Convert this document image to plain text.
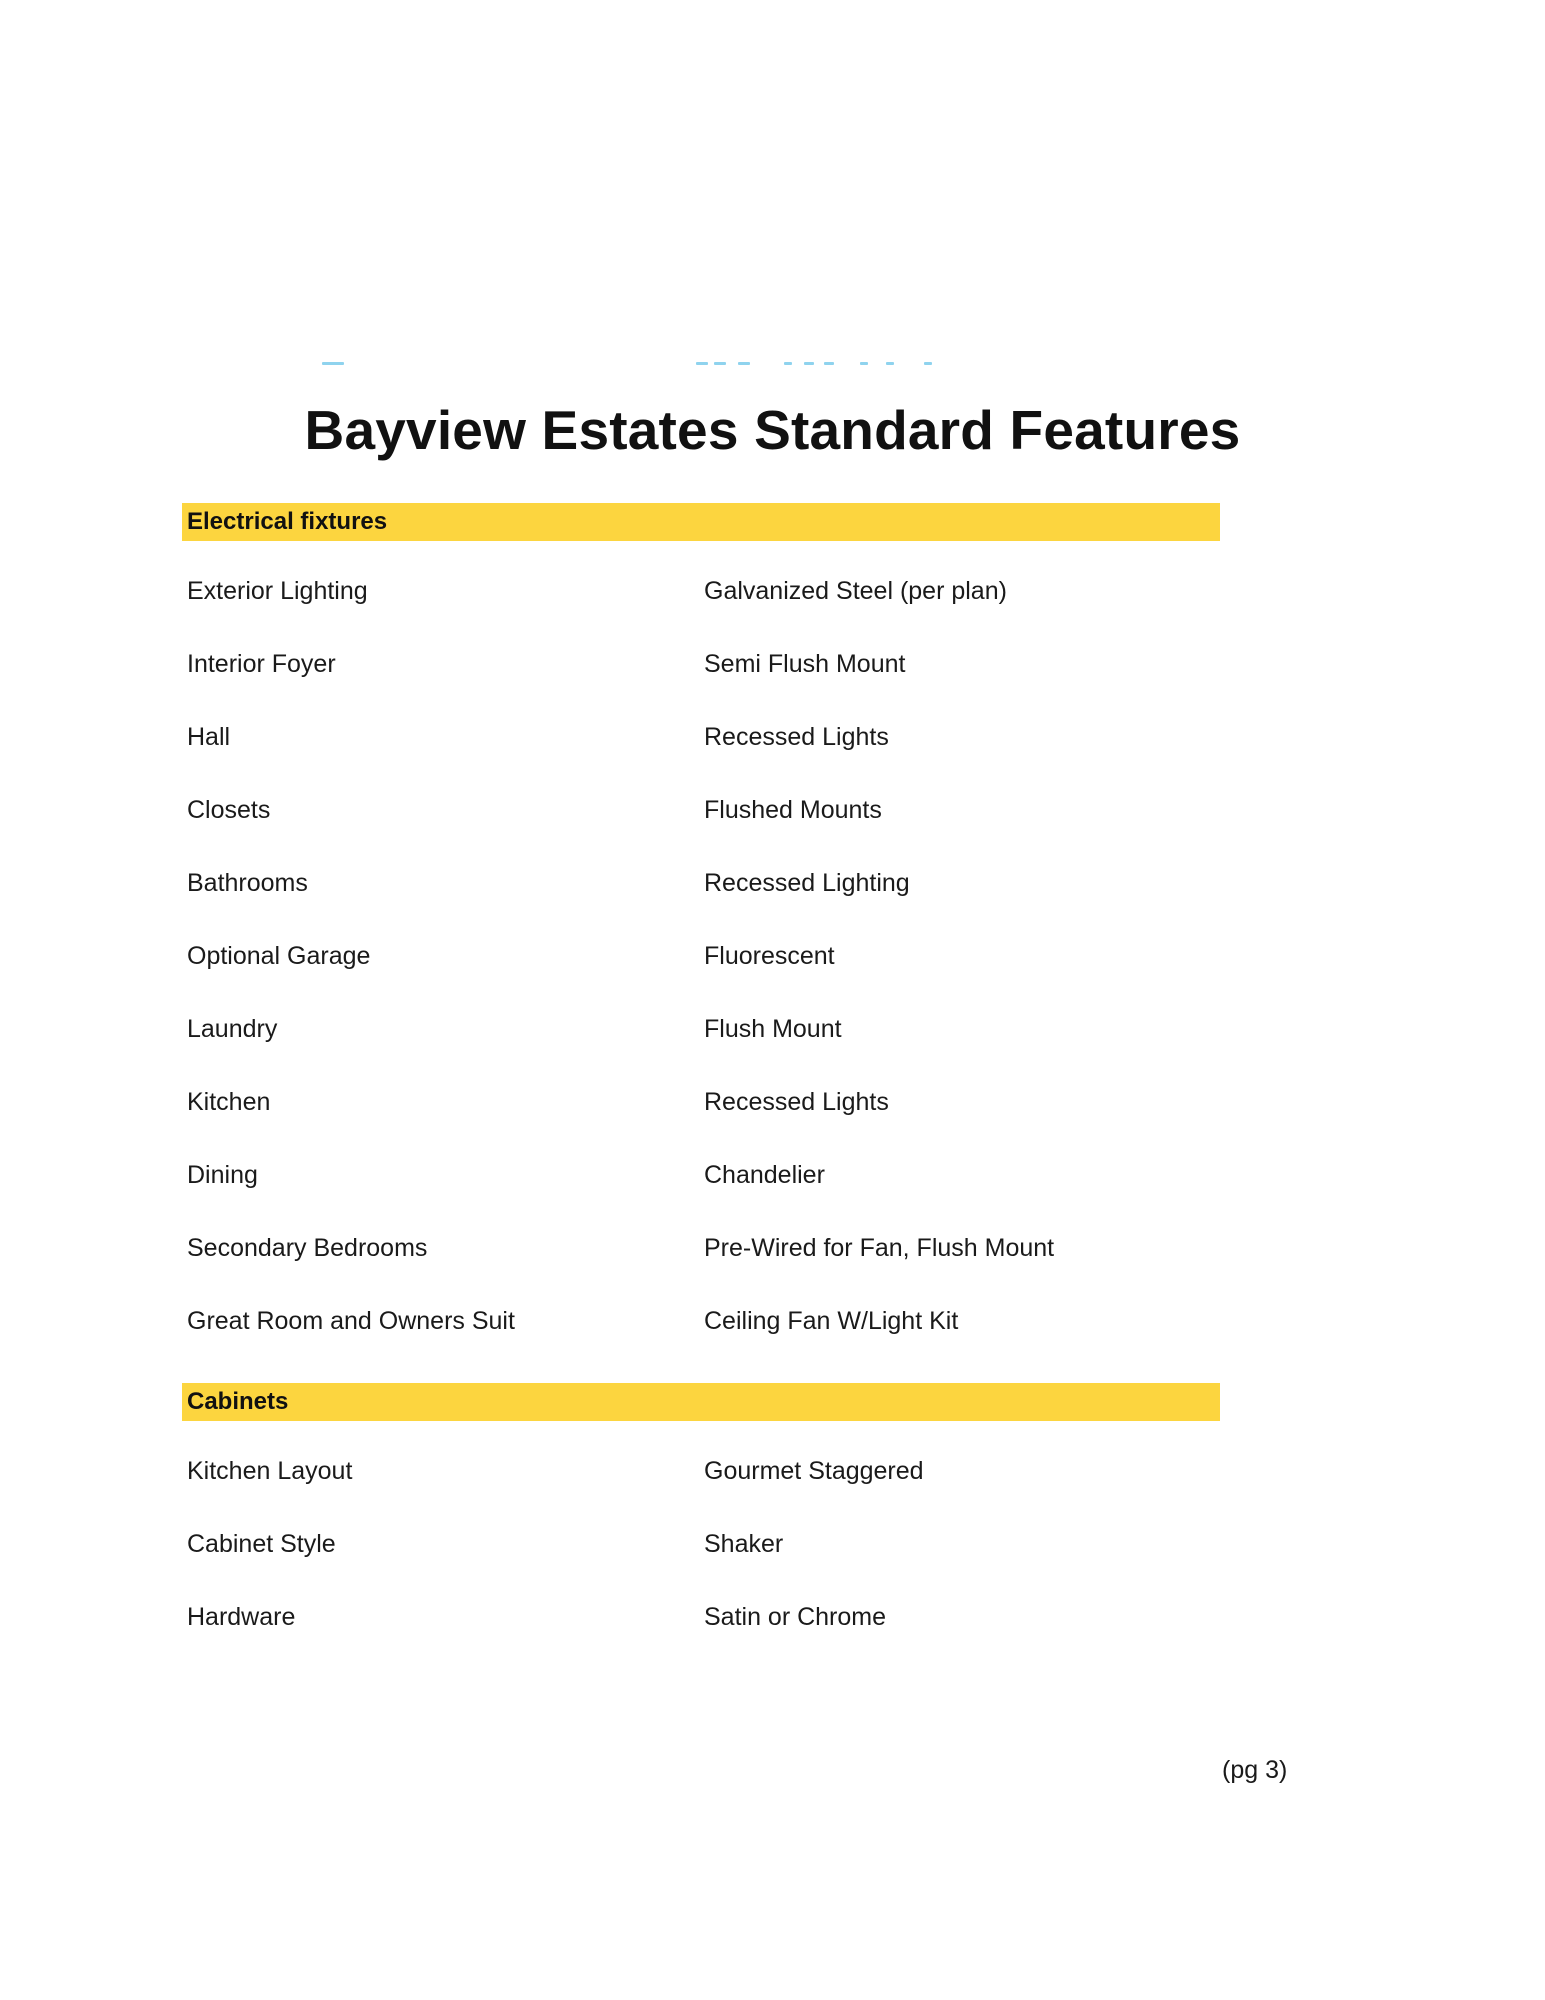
Bayview Estates Standard Features
Electrical fixtures
Exterior Lighting	Galvanized Steel (per plan)
Interior Foyer	Semi Flush Mount
Hall	Recessed Lights
Closets	Flushed Mounts
Bathrooms	Recessed Lighting
Optional Garage	Fluorescent
Laundry	Flush Mount
Kitchen	Recessed Lights
Dining	Chandelier
Secondary Bedrooms	Pre-Wired for Fan, Flush Mount
Great Room and Owners Suit	Ceiling Fan W/Light Kit
Cabinets
Kitchen Layout	Gourmet Staggered
Cabinet Style	Shaker
Hardware	Satin or Chrome
(pg 3)
